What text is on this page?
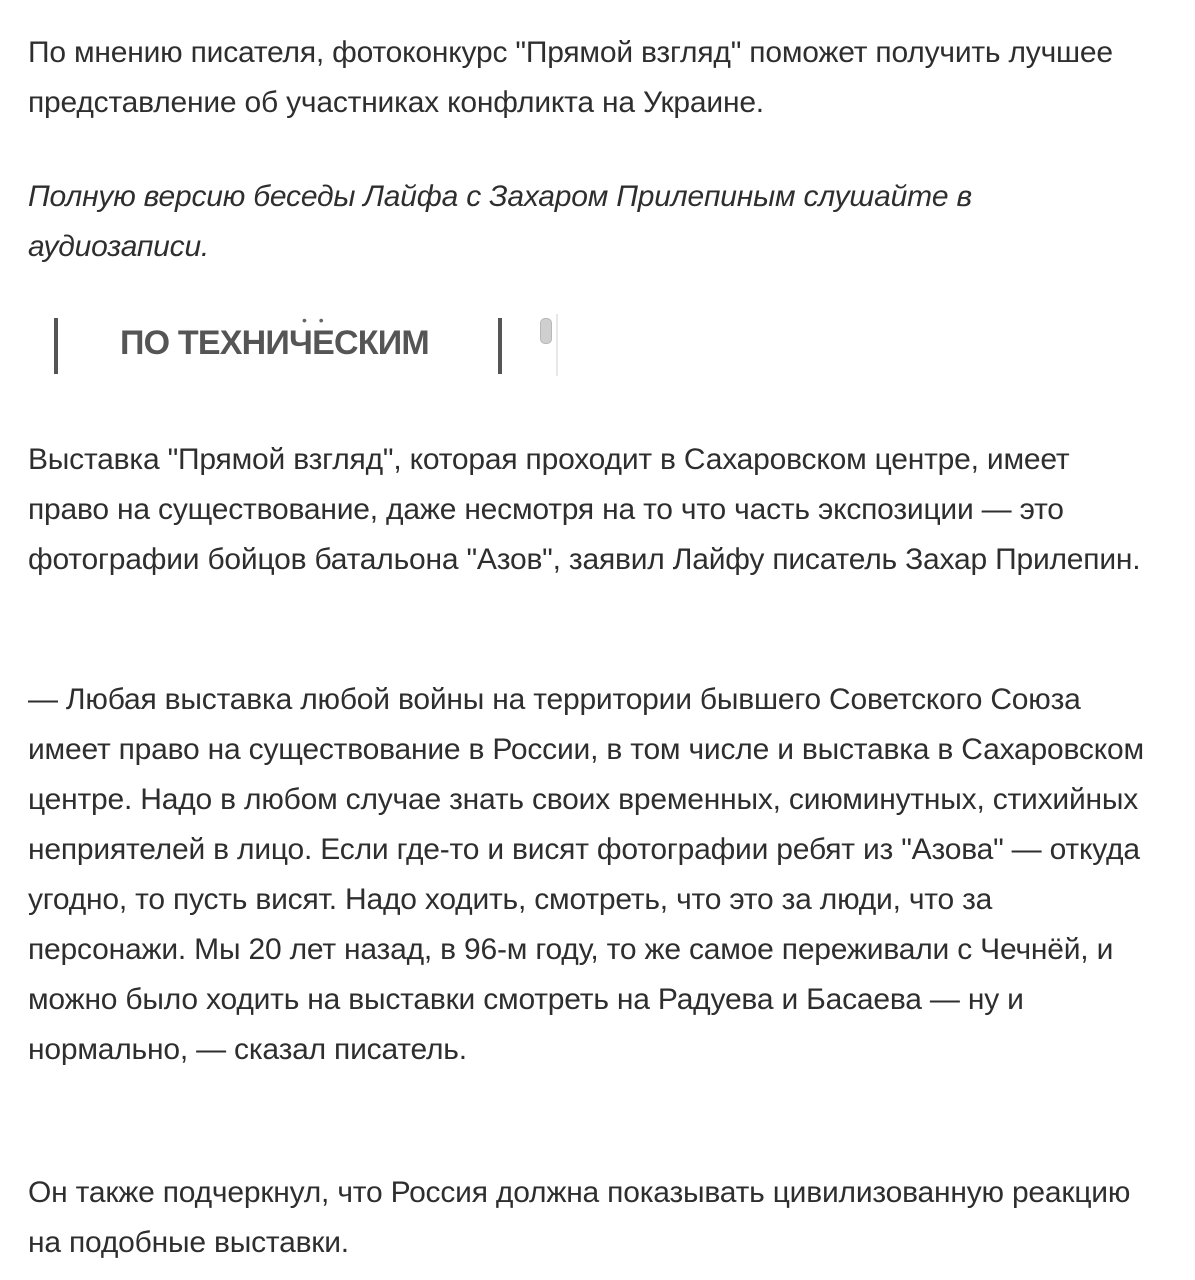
По мнению писателя, фотоконкурс "Прямой взгляд" поможет получить лучшее представление об участниках конфликта на Украине.

Полную версию беседы Лайфа с Захаром Прилепиным слушайте в аудиозаписи.

• •
ПО ТЕХНИЧЕСКИМ

Выставка "Прямой взгляд", которая проходит в Сахаровском центре, имеет право на существование, даже несмотря на то что часть экспозиции — это фотографии бойцов батальона "Азов", заявил Лайфу писатель Захар Прилепин.

— Любая выставка любой войны на территории бывшего Советского Союза имеет право на существование в России, в том числе и выставка в Сахаровском центре. Надо в любом случае знать своих временных, сиюминутных, стихийных неприятелей в лицо. Если где-то и висят фотографии ребят из "Азова" — откуда угодно, то пусть висят. Надо ходить, смотреть, что это за люди, что за персонажи. Мы 20 лет назад, в 96-м году, то же самое переживали с Чечнёй, и можно было ходить на выставки смотреть на Радуева и Басаева — ну и нормально, — сказал писатель.

Он также подчеркнул, что Россия должна показывать цивилизованную реакцию на подобные выставки.
